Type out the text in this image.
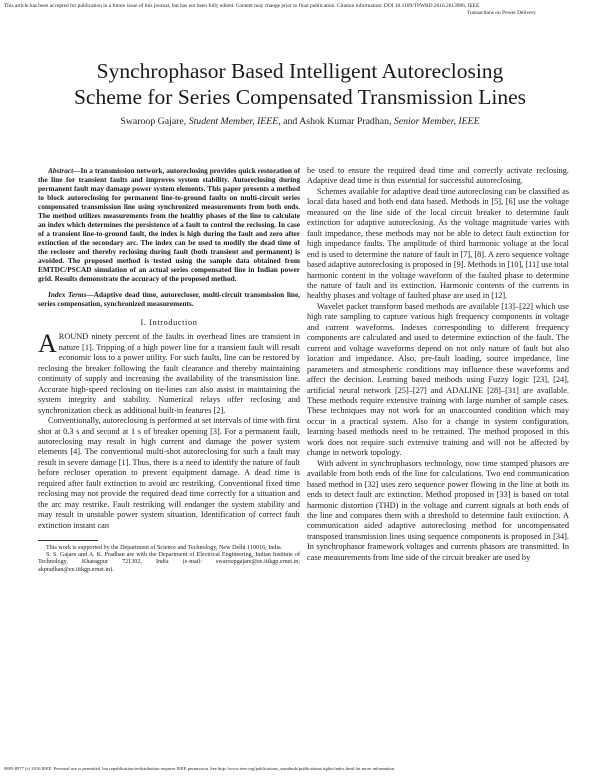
This article has been accepted for publication in a future issue of this journal, but has not been fully edited. Content may change prior to final publication. Citation information: DOI 10.1109/TPWRD.2016.2613906, IEEE
Transactions on Power Delivery
Synchrophasor Based Intelligent Autoreclosing
Scheme for Series Compensated Transmission Lines
Swaroop Gajare, Student Member, IEEE, and Ashok Kumar Pradhan, Senior Member, IEEE

Abstract—In a transmission network, autoreclosing provides quick restoration of the line for transient faults and improves system stability. Autoreclosing during permanent fault may damage power system elements. This paper presents a method to block autoreclosing for permanent line-to-ground faults on multi-circuit series compensated transmission line using synchronized measurements from both ends. The method utilizes measurements from the healthy phases of the line to calculate an index which determines the persistence of a fault to control the reclosing. In case of a transient line-to-ground fault, the index is high during the fault and zero after extinction of the secondary arc. The index can be used to modify the dead time of the recloser and thereby reclosing during fault (both transient and permanent) is avoided. The proposed method is tested using the sample data obtained from EMTDC/PSCAD simulation of an actual series compensated line in Indian power grid. Results demonstrate the accuracy of the proposed method.

Index Terms—Adaptive dead time, autorecloser, multi-circuit transmission line, series compensation, synchronized measurements.

I. Introduction

AROUND ninety percent of the faults in overhead lines are transient in nature [1]. Tripping of a high power line for a transient fault will result economic loss to a power utility. For such faults, line can be restored by reclosing the breaker following the fault clearance and thereby maintaining continuity of supply and increasing the availability of the transmission line. Accurate high-speed reclosing on tie-lines can also assist in maintaining the system integrity and stability. Numerical relays offer reclosing and synchronization check as additional built-in features [2].

Conventionally, autoreclosing is performed at set intervals of time with first shot at 0.3 s and second at 1 s of breaker opening [3]. For a permanent fault, autoreclosing may result in high current and damage the power system elements [4]. The conventional multi-shot autoreclosing for such a fault may result in severe damage [1]. Thus, there is a need to identify the nature of fault before recloser operation to prevent equipment damage. A dead time is required after fault extinction to avoid arc restriking. Conventional fixed time reclosing may not provide the required dead time correctly for a situation and the arc may restrike. Fault restriking will endanger the system stability and may result in unstable power system situation. Identification of correct fault extinction instant can

This work is supported by the Department of Science and Technology, New Delhi 110016, India.

S. S. Gajare and A. K. Pradhan are with the Department of Electrical Engineering, Indian Institute of Technology, Kharagpur 721302, India (e-mail: swaroopgajare@ee.iitkgp.ernet.in; akpradhan@ee.iitkgp.ernet.in).

be used to ensure the required dead time and correctly activate reclosing. Adaptive dead time is thus essential for successful autoreclosing.

Schemes available for adaptive dead time autoreclosing can be classified as local data based and both end data based. Methods in [5], [6] use the voltage measured on the line side of the local circuit breaker to determine fault extinction for adaptive autoreclosing. As the voltage magnitude varies with fault impedance, these methods may not be able to detect fault extinction for high impedance faults. The amplitude of third harmonic voltage at the local end is used to determine the nature of fault in [7], [8]. A zero sequence voltage based adaptive autoreclosing is proposed in [9]. Methods in [10], [11] use total harmonic content in the voltage waveform of the faulted phase to determine the nature of fault and its extinction. Harmonic contents of the currents in healthy phases and voltage of faulted phase are used in [12].

Wavelet packet transform based methods are available [13]–[22] which use high rate sampling to capture various high frequency components in voltage and current waveforms. Indexes corresponding to different frequency components are calculated and used to determine extinction of the fault. The current and voltage waveforms depend on not only nature of fault but also location and impedance. Also, pre-fault loading, source impedance, line parameters and atmospheric conditions may influence these waveforms and affect the decision. Learning based methods using Fuzzy logic [23], [24], artificial neural network [25]–[27] and ADALINE [28]–[31] are available. These methods require extensive training with large number of sample cases. These techniques may not work for an unaccounted condition which may occur in a practical system. Also for a change in system configuration, learning based methods need to be retrained. The method proposed in this work does not require such extensive training and will not be affected by change in network topology.

With advent in synchrophasors technology, now time stamped phasors are available from both ends of the line for calculations. Two end communication based method in [32] uses zero sequence power flowing in the line at both its ends to detect fault arc extinction. Method proposed in [33] is based on total harmonic distortion (THD) in the voltage and current signals at both ends of the line and compares them with a threshold to determine fault extinction. A communication aided adaptive autoreclosing method for uncompensated transposed transmission lines using sequence components is proposed in [34]. In synchrophasor framework voltages and currents phasors are transmitted. In case measurements from line side of the circuit breaker are used by

0885-8977 (c) 2016 IEEE. Personal use is permitted, but republication/redistribution requires IEEE permission. See http://www.ieee.org/publications_standards/publications/rights/index.html for more information.
